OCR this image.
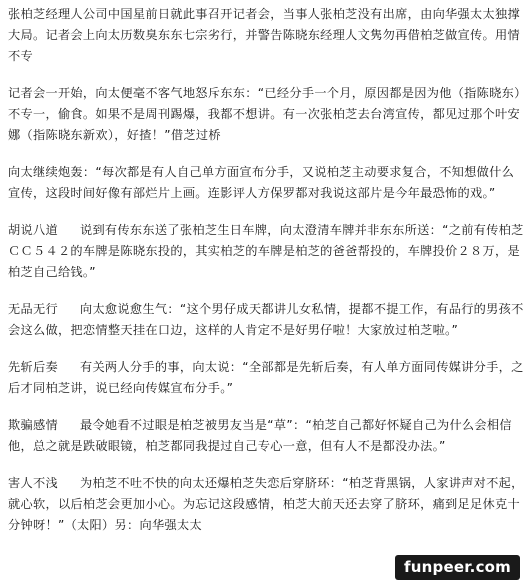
张柏芝经理人公司中国星前日就此事召开记者会，当事人张柏芝没有出席，由向华强太太独撑大局。记者会上向太历数臭东东七宗劣行，并警告陈晓东经理人文隽勿再借柏芝做宣传。用情不专

记者会一开始，向太便毫不客气地怒斥东东：“已经分手一个月，原因都是因为他（指陈晓东）不专一，偷食。如果不是周刊踢爆，我都不想讲。有一次张柏芝去台湾宣传，都见过那个叶安娜（指陈晓东新欢），好揸！”借芝过桥

向太继续炮轰：“每次都是有人自己单方面宣布分手，又说柏芝主动要求复合，不知想做什么宣传，这段时间好像有部烂片上画。连影评人方保罗都对我说这部片是今年最恐怖的戏。”

胡说八道 说到有传东东送了张柏芝生日车牌，向太澄清车牌并非东东所送：“之前有传柏芝ＣＣ５４２的车牌是陈晓东投的，其实柏芝的车牌是柏芝的爸爸帮投的，车牌投价２８万，是柏芝自己给钱。”

无品无行 向太愈说愈生气：“这个男仔成天都讲儿女私情，提都不提工作，有品行的男孩不会这么做，把恋情整天挂在口边，这样的人肯定不是好男仔啦！大家放过柏芝啦。”

先斩后奏 有关两人分手的事，向太说：“全部都是先斩后奏，有人单方面同传媒讲分手，之后才同柏芝讲，说已经向传媒宣布分手。”

欺骗感情 最令她看不过眼是柏芝被男友当是“草”：“柏芝自己都好怀疑自己为什么会相信他，总之就是跌破眼镜，柏芝都同我提过自己专心一意，但有人不是都没办法。”

害人不浅 为柏芝不吐不快的向太还爆柏芝失恋后穿脐环：“柏芝背黑锅，人家讲声对不起，就心软，以后柏芝会更加小心。为忘记这段感情，柏芝大前天还去穿了脐环，痛到足足休克十分钟呀！”（太阳）另：向华强太太

funpeer.com
